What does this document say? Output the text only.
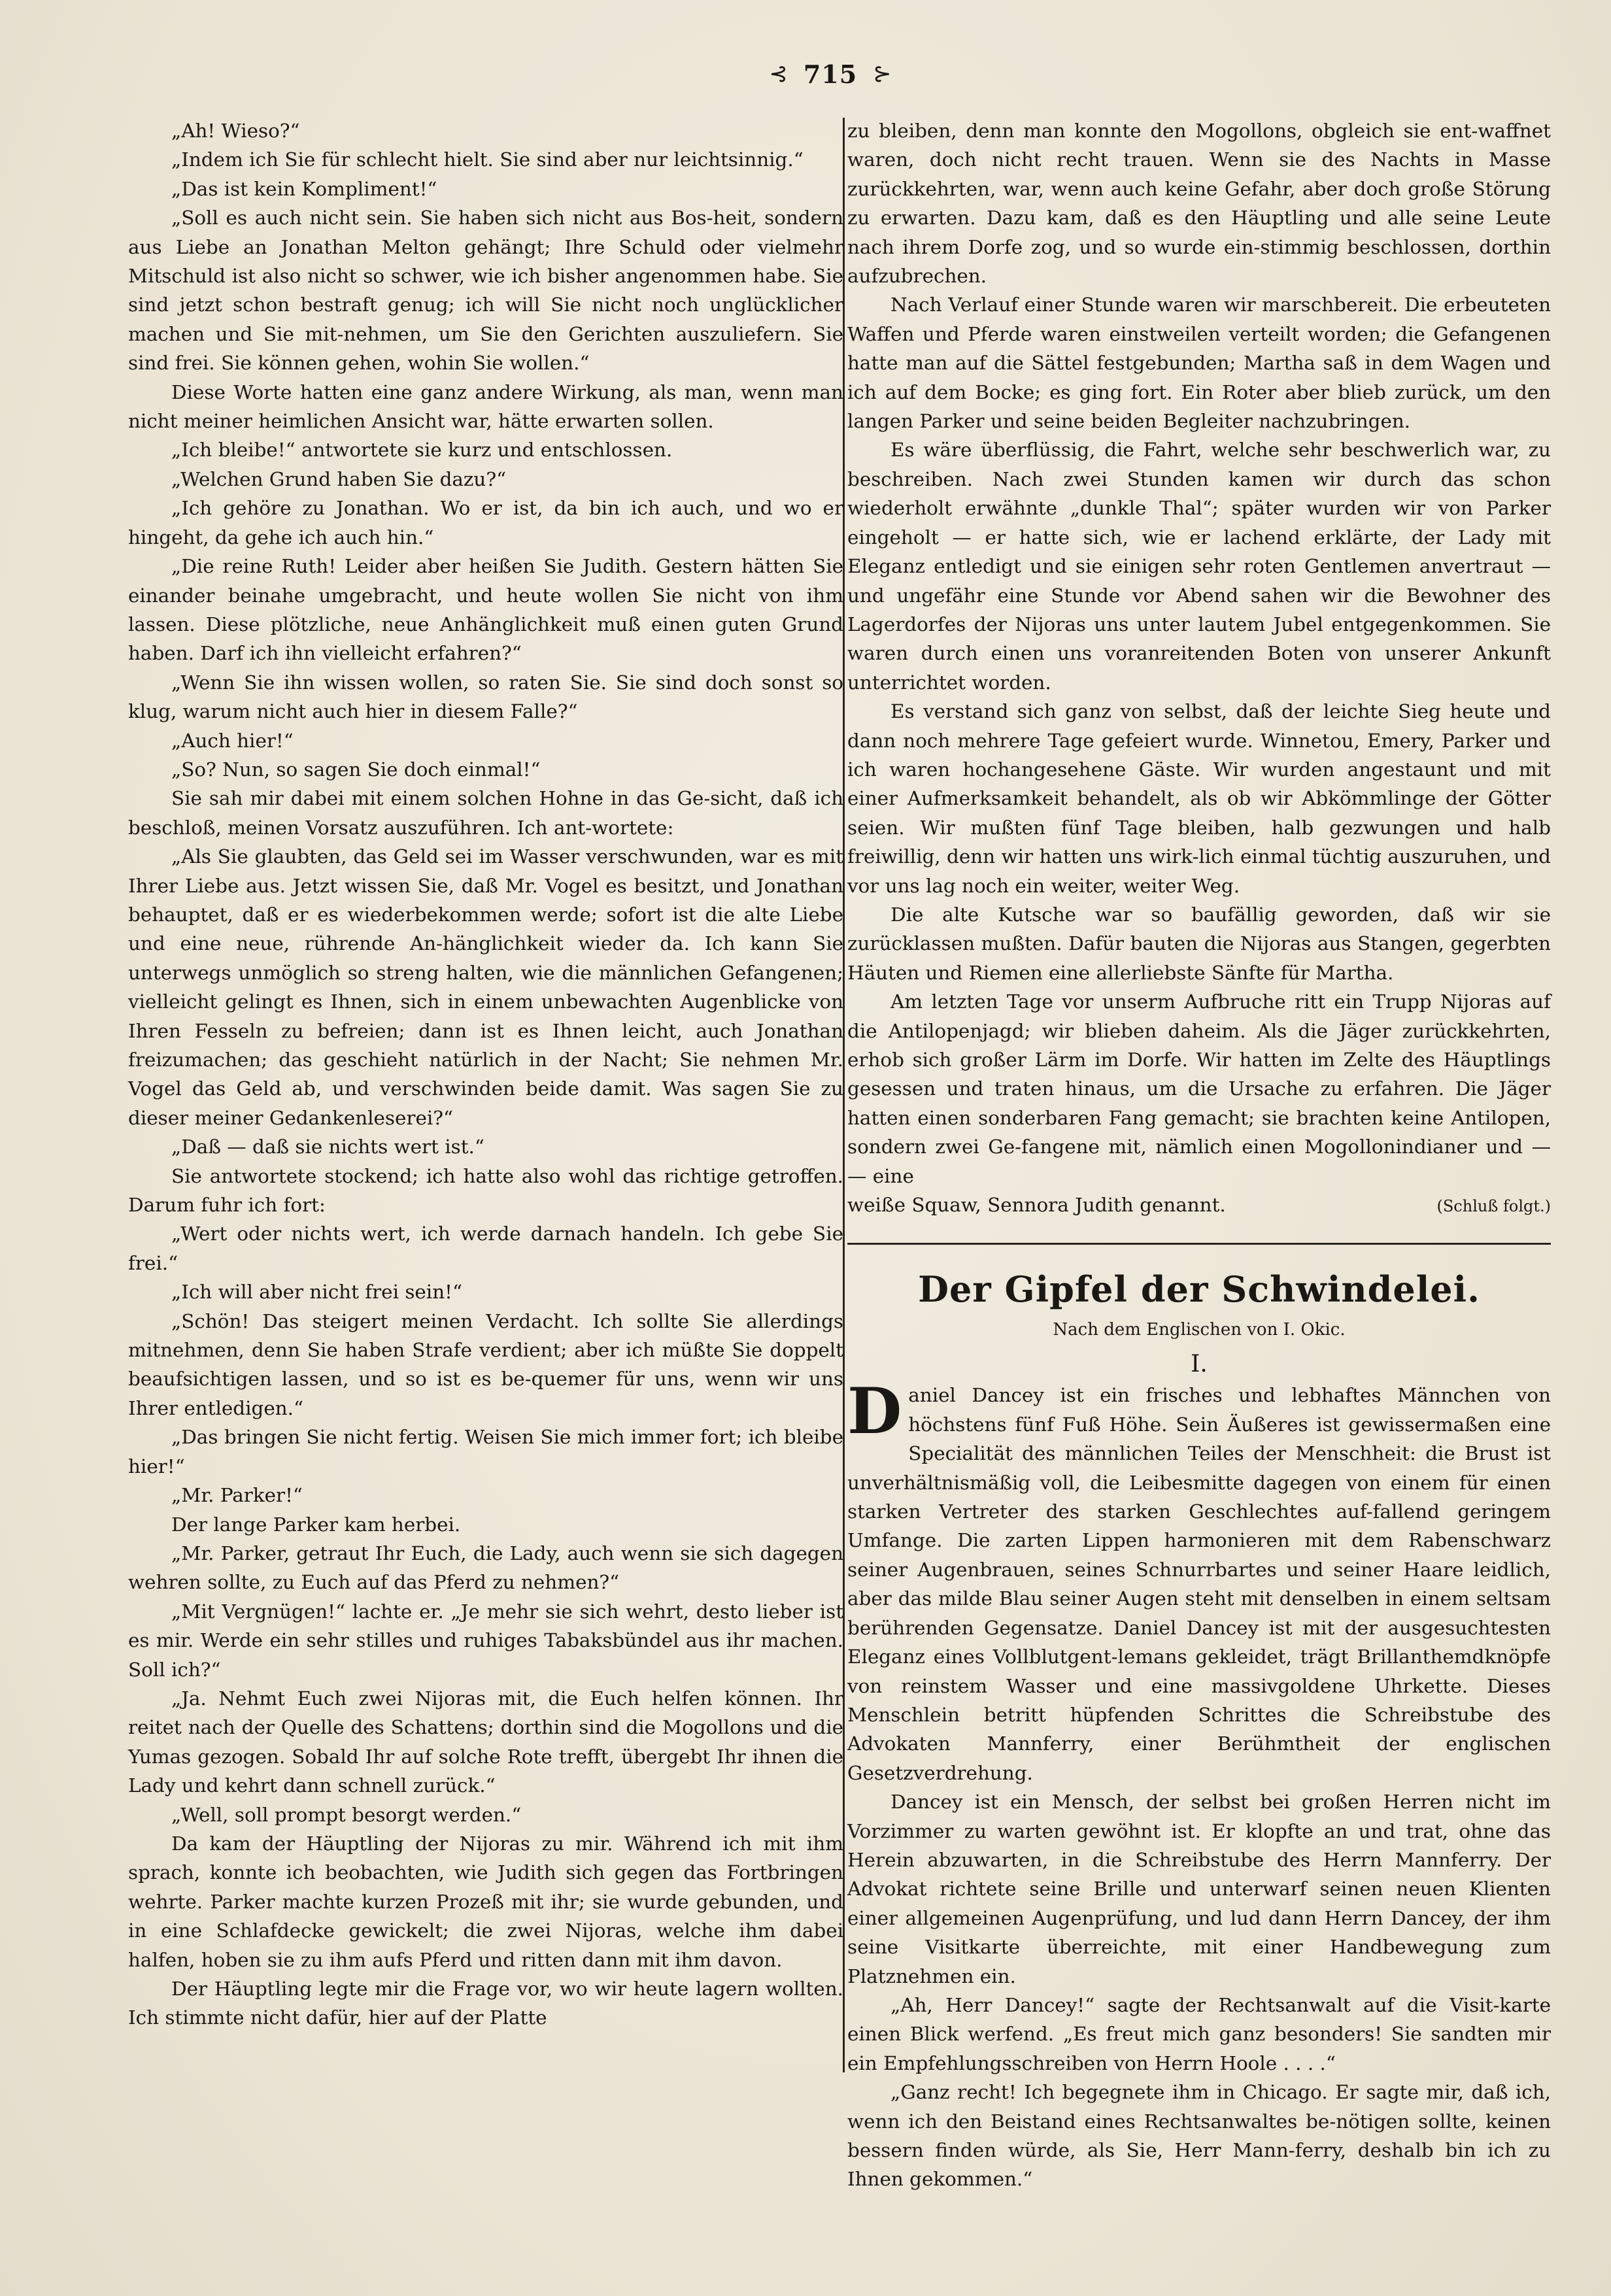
⊰ 715 ⊱

„Ah! Wieso?“

„Indem ich Sie für schlecht hielt. Sie sind aber nur leichtsinnig.“

„Das ist kein Kompliment!“

„Soll es auch nicht sein. Sie haben sich nicht aus Bos-heit, sondern aus Liebe an Jonathan Melton gehängt; Ihre Schuld oder vielmehr Mitschuld ist also nicht so schwer, wie ich bisher angenommen habe. Sie sind jetzt schon bestraft genug; ich will Sie nicht noch unglücklicher machen und Sie mit-nehmen, um Sie den Gerichten auszuliefern. Sie sind frei. Sie können gehen, wohin Sie wollen.“

Diese Worte hatten eine ganz andere Wirkung, als man, wenn man nicht meiner heimlichen Ansicht war, hätte erwarten sollen.

„Ich bleibe!“ antwortete sie kurz und entschlossen.

„Welchen Grund haben Sie dazu?“

„Ich gehöre zu Jonathan. Wo er ist, da bin ich auch, und wo er hingeht, da gehe ich auch hin.“

„Die reine Ruth! Leider aber heißen Sie Judith. Gestern hätten Sie einander beinahe umgebracht, und heute wollen Sie nicht von ihm lassen. Diese plötzliche, neue Anhänglichkeit muß einen guten Grund haben. Darf ich ihn vielleicht erfahren?“

„Wenn Sie ihn wissen wollen, so raten Sie. Sie sind doch sonst so klug, warum nicht auch hier in diesem Falle?“

„Auch hier!“

„So? Nun, so sagen Sie doch einmal!“

Sie sah mir dabei mit einem solchen Hohne in das Ge-sicht, daß ich beschloß, meinen Vorsatz auszuführen. Ich ant-wortete:

„Als Sie glaubten, das Geld sei im Wasser verschwunden, war es mit Ihrer Liebe aus. Jetzt wissen Sie, daß Mr. Vogel es besitzt, und Jonathan behauptet, daß er es wiederbekommen werde; sofort ist die alte Liebe und eine neue, rührende An-hänglichkeit wieder da. Ich kann Sie unterwegs unmöglich so streng halten, wie die männlichen Gefangenen; vielleicht gelingt es Ihnen, sich in einem unbewachten Augenblicke von Ihren Fesseln zu befreien; dann ist es Ihnen leicht, auch Jonathan freizumachen; das geschieht natürlich in der Nacht; Sie nehmen Mr. Vogel das Geld ab, und verschwinden beide damit. Was sagen Sie zu dieser meiner Gedankenleserei?“

„Daß — daß sie nichts wert ist.“

Sie antwortete stockend; ich hatte also wohl das richtige getroffen. Darum fuhr ich fort:

„Wert oder nichts wert, ich werde darnach handeln. Ich gebe Sie frei.“

„Ich will aber nicht frei sein!“

„Schön! Das steigert meinen Verdacht. Ich sollte Sie allerdings mitnehmen, denn Sie haben Strafe verdient; aber ich müßte Sie doppelt beaufsichtigen lassen, und so ist es be-quemer für uns, wenn wir uns Ihrer entledigen.“

„Das bringen Sie nicht fertig. Weisen Sie mich immer fort; ich bleibe hier!“

„Mr. Parker!“

Der lange Parker kam herbei.

„Mr. Parker, getraut Ihr Euch, die Lady, auch wenn sie sich dagegen wehren sollte, zu Euch auf das Pferd zu nehmen?“

„Mit Vergnügen!“ lachte er. „Je mehr sie sich wehrt, desto lieber ist es mir. Werde ein sehr stilles und ruhiges Tabaksbündel aus ihr machen. Soll ich?“

„Ja. Nehmt Euch zwei Nijoras mit, die Euch helfen können. Ihr reitet nach der Quelle des Schattens; dorthin sind die Mogollons und die Yumas gezogen. Sobald Ihr auf solche Rote trefft, übergebt Ihr ihnen die Lady und kehrt dann schnell zurück.“

„Well, soll prompt besorgt werden.“

Da kam der Häuptling der Nijoras zu mir. Während ich mit ihm sprach, konnte ich beobachten, wie Judith sich gegen das Fortbringen wehrte. Parker machte kurzen Prozeß mit ihr; sie wurde gebunden, und in eine Schlafdecke gewickelt; die zwei Nijoras, welche ihm dabei halfen, hoben sie zu ihm aufs Pferd und ritten dann mit ihm davon.

Der Häuptling legte mir die Frage vor, wo wir heute lagern wollten. Ich stimmte nicht dafür, hier auf der Platte

zu bleiben, denn man konnte den Mogollons, obgleich sie ent-waffnet waren, doch nicht recht trauen. Wenn sie des Nachts in Masse zurückkehrten, war, wenn auch keine Gefahr, aber doch große Störung zu erwarten. Dazu kam, daß es den Häuptling und alle seine Leute nach ihrem Dorfe zog, und so wurde ein-stimmig beschlossen, dorthin aufzubrechen.

Nach Verlauf einer Stunde waren wir marschbereit. Die erbeuteten Waffen und Pferde waren einstweilen verteilt worden; die Gefangenen hatte man auf die Sättel festgebunden; Martha saß in dem Wagen und ich auf dem Bocke; es ging fort. Ein Roter aber blieb zurück, um den langen Parker und seine beiden Begleiter nachzubringen.

Es wäre überflüssig, die Fahrt, welche sehr beschwerlich war, zu beschreiben. Nach zwei Stunden kamen wir durch das schon wiederholt erwähnte „dunkle Thal“; später wurden wir von Parker eingeholt — er hatte sich, wie er lachend erklärte, der Lady mit Eleganz entledigt und sie einigen sehr roten Gentlemen anvertraut — und ungefähr eine Stunde vor Abend sahen wir die Bewohner des Lagerdorfes der Nijoras uns unter lautem Jubel entgegenkommen. Sie waren durch einen uns voranreitenden Boten von unserer Ankunft unterrichtet worden.

Es verstand sich ganz von selbst, daß der leichte Sieg heute und dann noch mehrere Tage gefeiert wurde. Winnetou, Emery, Parker und ich waren hochangesehene Gäste. Wir wurden angestaunt und mit einer Aufmerksamkeit behandelt, als ob wir Abkömmlinge der Götter seien. Wir mußten fünf Tage bleiben, halb gezwungen und halb freiwillig, denn wir hatten uns wirk-lich einmal tüchtig auszuruhen, und vor uns lag noch ein weiter, weiter Weg.

Die alte Kutsche war so baufällig geworden, daß wir sie zurücklassen mußten. Dafür bauten die Nijoras aus Stangen, gegerbten Häuten und Riemen eine allerliebste Sänfte für Martha.

Am letzten Tage vor unserm Aufbruche ritt ein Trupp Nijoras auf die Antilopenjagd; wir blieben daheim. Als die Jäger zurückkehrten, erhob sich großer Lärm im Dorfe. Wir hatten im Zelte des Häuptlings gesessen und traten hinaus, um die Ursache zu erfahren. Die Jäger hatten einen sonderbaren Fang gemacht; sie brachten keine Antilopen, sondern zwei Ge-fangene mit, nämlich einen Mogollonindianer und — — eine

weiße Squaw, Sennora Judith genannt.	(Schluß folgt.)
Der Gipfel der Schwindelei.
Nach dem Englischen von I. Okic.
I.

Daniel Dancey ist ein frisches und lebhaftes Männchen von höchstens fünf Fuß Höhe. Sein Äußeres ist gewissermaßen eine Specialität des männlichen Teiles der Menschheit: die Brust ist unverhältnismäßig voll, die Leibesmitte dagegen von einem für einen starken Vertreter des starken Geschlechtes auf-fallend geringem Umfange. Die zarten Lippen harmonieren mit dem Rabenschwarz seiner Augenbrauen, seines Schnurrbartes und seiner Haare leidlich, aber das milde Blau seiner Augen steht mit denselben in einem seltsam berührenden Gegensatze. Daniel Dancey ist mit der ausgesuchtesten Eleganz eines Vollblutgent-lemans gekleidet, trägt Brillanthemdknöpfe von reinstem Wasser und eine massivgoldene Uhrkette. Dieses Menschlein betritt hüpfenden Schrittes die Schreibstube des Advokaten Mannferry, einer Berühmtheit der englischen Gesetzverdrehung.

Dancey ist ein Mensch, der selbst bei großen Herren nicht im Vorzimmer zu warten gewöhnt ist. Er klopfte an und trat, ohne das Herein abzuwarten, in die Schreibstube des Herrn Mannferry. Der Advokat richtete seine Brille und unterwarf seinen neuen Klienten einer allgemeinen Augenprüfung, und lud dann Herrn Dancey, der ihm seine Visitkarte überreichte, mit einer Handbewegung zum Platznehmen ein.

„Ah, Herr Dancey!“ sagte der Rechtsanwalt auf die Visit-karte einen Blick werfend. „Es freut mich ganz besonders! Sie sandten mir ein Empfehlungsschreiben von Herrn Hoole . . . .“

„Ganz recht! Ich begegnete ihm in Chicago. Er sagte mir, daß ich, wenn ich den Beistand eines Rechtsanwaltes be-nötigen sollte, keinen bessern finden würde, als Sie, Herr Mann-ferry, deshalb bin ich zu Ihnen gekommen.“
